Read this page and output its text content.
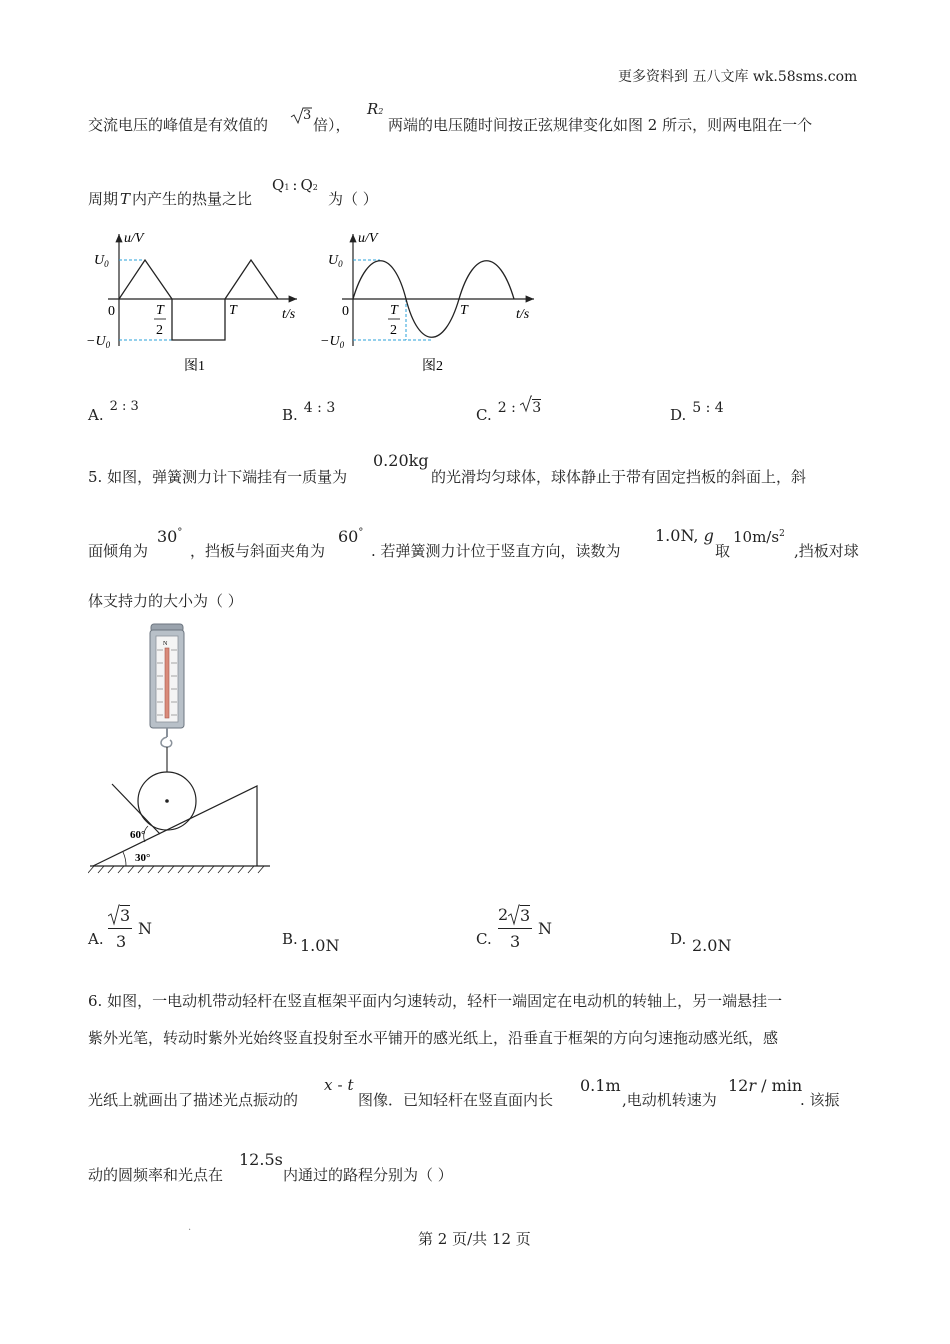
更多资料到 五八文库 wk.58sms.com
交流电压的峰值是有效值的
3
倍），
R2
两端的电压随时间按正弦规律变化如图 2 所示，则两电阻在一个
周期 T 内产生的热量之比
Q1 : Q2
为（ ）
u/V
$U_0$
$-U_0$
0	T
2
T	t/s
图1
u/V
$U_0$
$-U_0$
0	T
2
T	t/s
图2
A. 2 : 3	B. 4 : 3	C. 2 : 3	D. 5 : 4
5. 如图，弹簧测力计下端挂有一质量为
0.20kg
的光滑均匀球体，球体静止于带有固定挡板的斜面上，斜
面倾角为
30°
，挡板与斜面夹角为
60°
. 若弹簧测力计位于竖直方向，读数为
1.0N, g
取
$10m/s^2$
,挡板对球
体支持力的大小为（ ）
N
60°
30°
A.
3
3
N
B. 1.0N	C.
2 3
3
N
D. 2.0N
6. 如图，一电动机带动轻杆在竖直框架平面内匀速转动，轻杆一端固定在电动机的转轴上，另一端悬挂一
紫外光笔，转动时紫外光始终竖直投射至水平铺开的感光纸上，沿垂直于框架的方向匀速拖动感光纸，感
光纸上就画出了描述光点振动的
x - t
图像．已知轻杆在竖直面内长
0.1m
,电动机转速为
12r / min
. 该振
动的圆频率和光点在
12.5s
内通过的路程分别为（ ）
.
第 2 页/共 12 页
